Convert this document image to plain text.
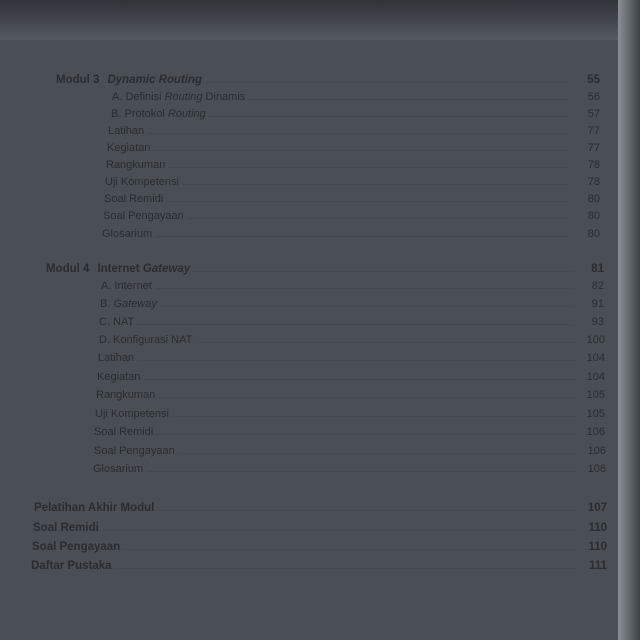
Modul 3 Dynamic Routing	55
A. Definisi Routing Dinamis	56
B. Protokol Routing	57
Latihan	77
Kegiatan	77
Rangkuman	78
Uji Kompetensi	78
Soal Remidi	80
Soal Pengayaan	80
Glosarium	80
Modul 4 Internet Gateway	81
A. Internet	82
B. Gateway	91
C. NAT	93
D. Konfigurasi NAT	100
Latihan	104
Kegiatan	104
Rangkuman	105
Uji Kompetensi	105
Soal Remidi	106
Soal Pengayaan	106
Glosarium	106
Pelatihan Akhir Modul	107
Soal Remidi	110
Soal Pengayaan	110
Daftar Pustaka	111
